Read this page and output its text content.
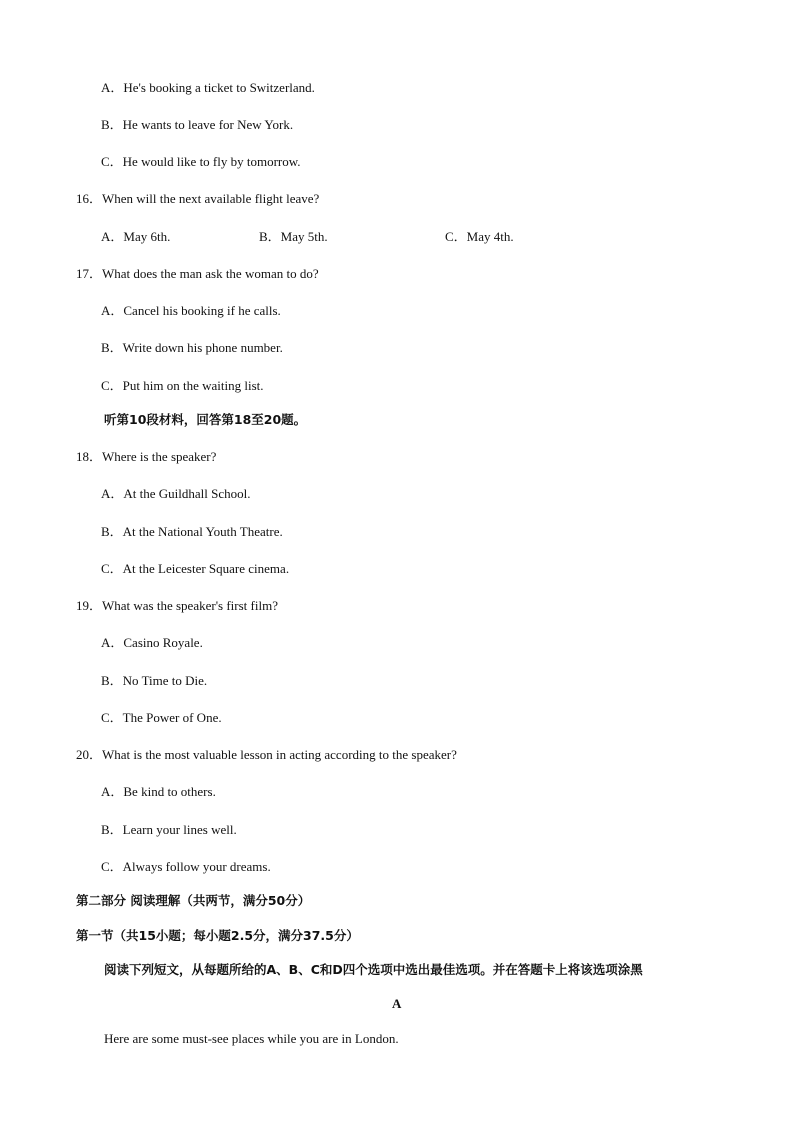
A．He's booking a ticket to Switzerland.
B．He wants to leave for New York.
C．He would like to fly by tomorrow.
16．When will the next available flight leave?
A．May 6th.	B．May 5th.	C．May 4th.
17．What does the man ask the woman to do?
A．Cancel his booking if he calls.
B．Write down his phone number.
C．Put him on the waiting list.
听第10段材料，回答第18至20题。
18．Where is the speaker?
A．At the Guildhall School.
B．At the National Youth Theatre.
C．At the Leicester Square cinema.
19．What was the speaker's first film?
A．Casino Royale.
B．No Time to Die.
C．The Power of One.
20．What is the most valuable lesson in acting according to the speaker?
A．Be kind to others.
B．Learn your lines well.
C．Always follow your dreams.
第二部分 阅读理解（共两节，满分50分）
第一节（共15小题；每小题2.5分，满分37.5分）
阅读下列短文，从每题所给的A、B、C和D四个选项中选出最佳选项。并在答题卡上将该选项涂黑
A
Here are some must-see places while you are in London.
